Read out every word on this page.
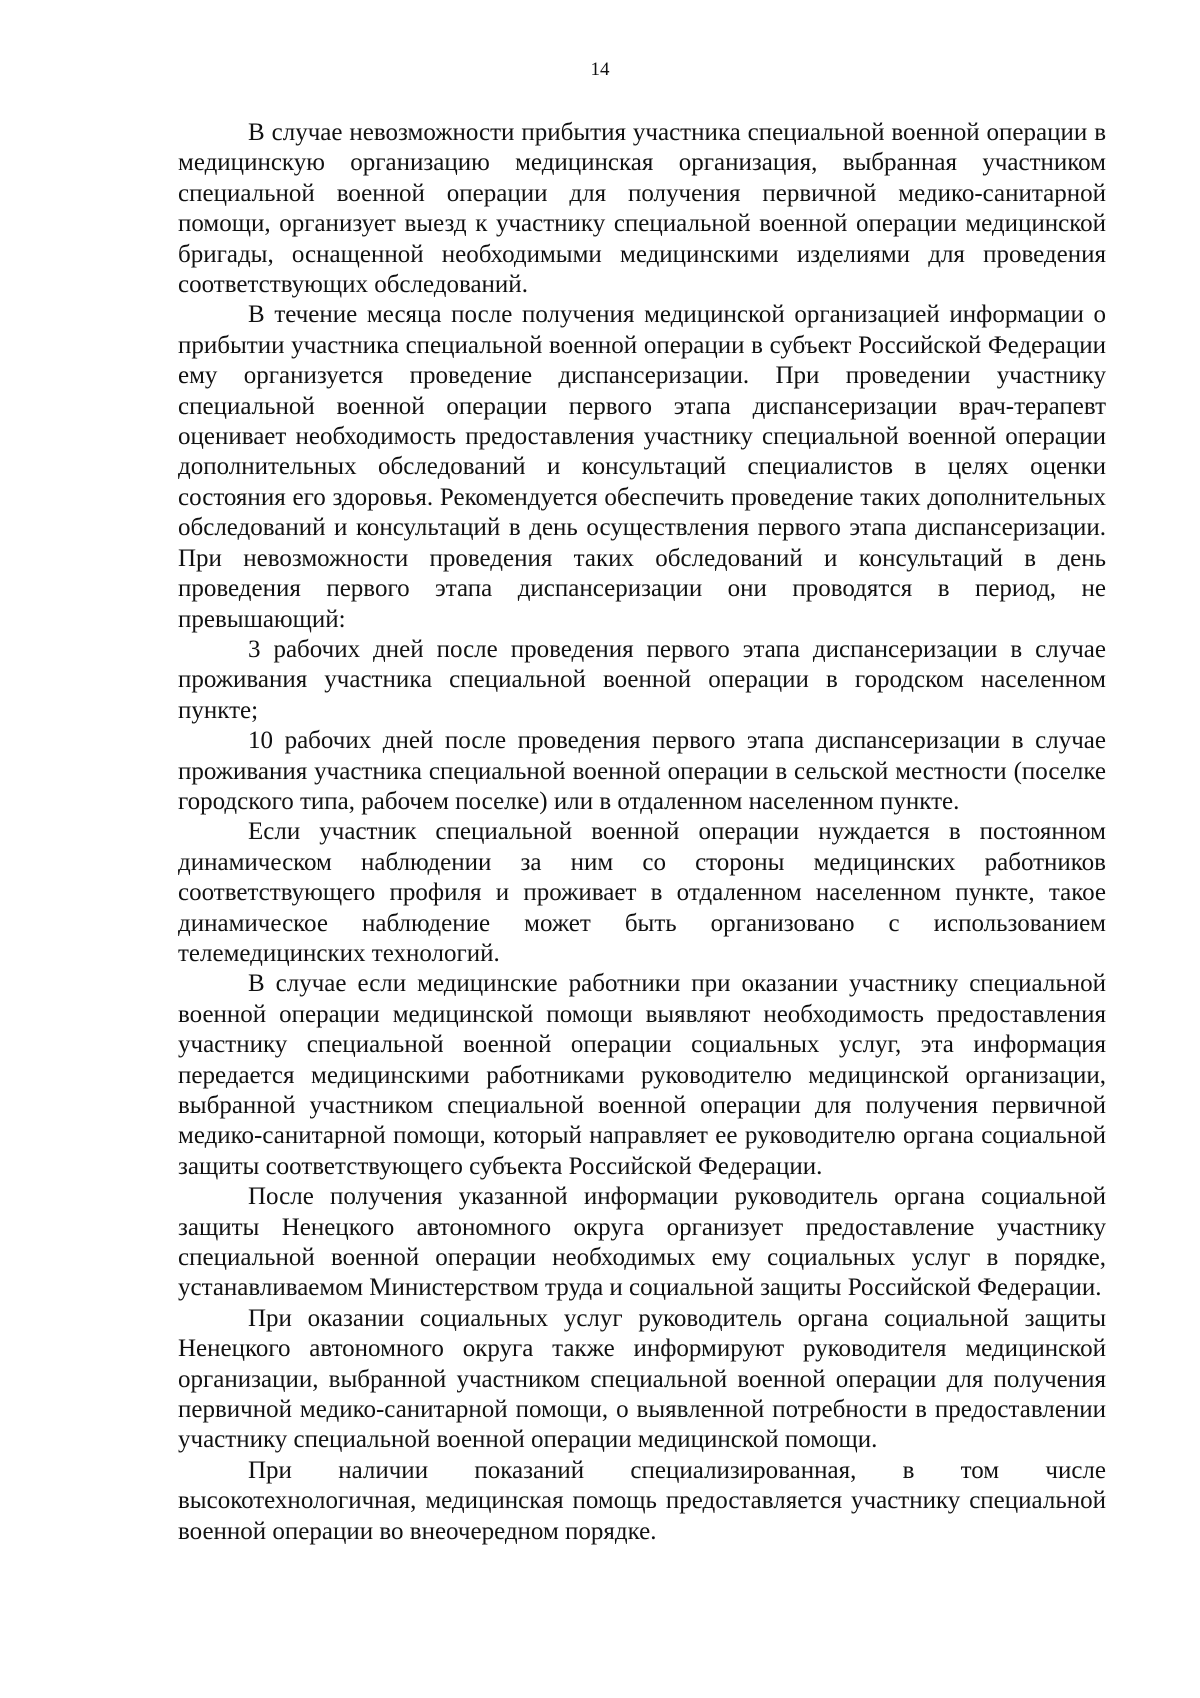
14

В случае невозможности прибытия участника специальной военной операции в медицинскую организацию медицинская организация, выбранная участником специальной военной операции для получения первичной медико-санитарной помощи, организует выезд к участнику специальной военной операции медицинской бригады, оснащенной необходимыми медицинскими изделиями для проведения соответствующих обследований.

В течение месяца после получения медицинской организацией информации о прибытии участника специальной военной операции в субъект Российской Федерации ему организуется проведение диспансеризации. При проведении участнику специальной военной операции первого этапа диспансеризации врач-терапевт оценивает необходимость предоставления участнику специальной военной операции дополнительных обследований и консультаций специалистов в целях оценки состояния его здоровья. Рекомендуется обеспечить проведение таких дополнительных обследований и консультаций в день осуществления первого этапа диспансеризации. При невозможности проведения таких обследований и консультаций в день проведения первого этапа диспансеризации они проводятся в период, не превышающий:

3 рабочих дней после проведения первого этапа диспансеризации в случае проживания участника специальной военной операции в городском населенном пункте;

10 рабочих дней после проведения первого этапа диспансеризации в случае проживания участника специальной военной операции в сельской местности (поселке городского типа, рабочем поселке) или в отдаленном населенном пункте.

Если участник специальной военной операции нуждается в постоянном динамическом наблюдении за ним со стороны медицинских работников соответствующего профиля и проживает в отдаленном населенном пункте, такое динамическое наблюдение может быть организовано с использованием телемедицинских технологий.

В случае если медицинские работники при оказании участнику специальной военной операции медицинской помощи выявляют необходимость предоставления участнику специальной военной операции социальных услуг, эта информация передается медицинскими работниками руководителю медицинской организации, выбранной участником специальной военной операции для получения первичной медико-санитарной помощи, который направляет ее руководителю органа социальной защиты соответствующего субъекта Российской Федерации.

После получения указанной информации руководитель органа социальной защиты Ненецкого автономного округа организует предоставление участнику специальной военной операции необходимых ему социальных услуг в порядке, устанавливаемом Министерством труда и социальной защиты Российской Федерации.

При оказании социальных услуг руководитель органа социальной защиты Ненецкого автономного округа также информируют руководителя медицинской организации, выбранной участником специальной военной операции для получения первичной медико-санитарной помощи, о выявленной потребности в предоставлении участнику специальной военной операции медицинской помощи.

При наличии показаний специализированная, в том числе высокотехнологичная, медицинская помощь предоставляется участнику специальной военной операции во внеочередном порядке.
